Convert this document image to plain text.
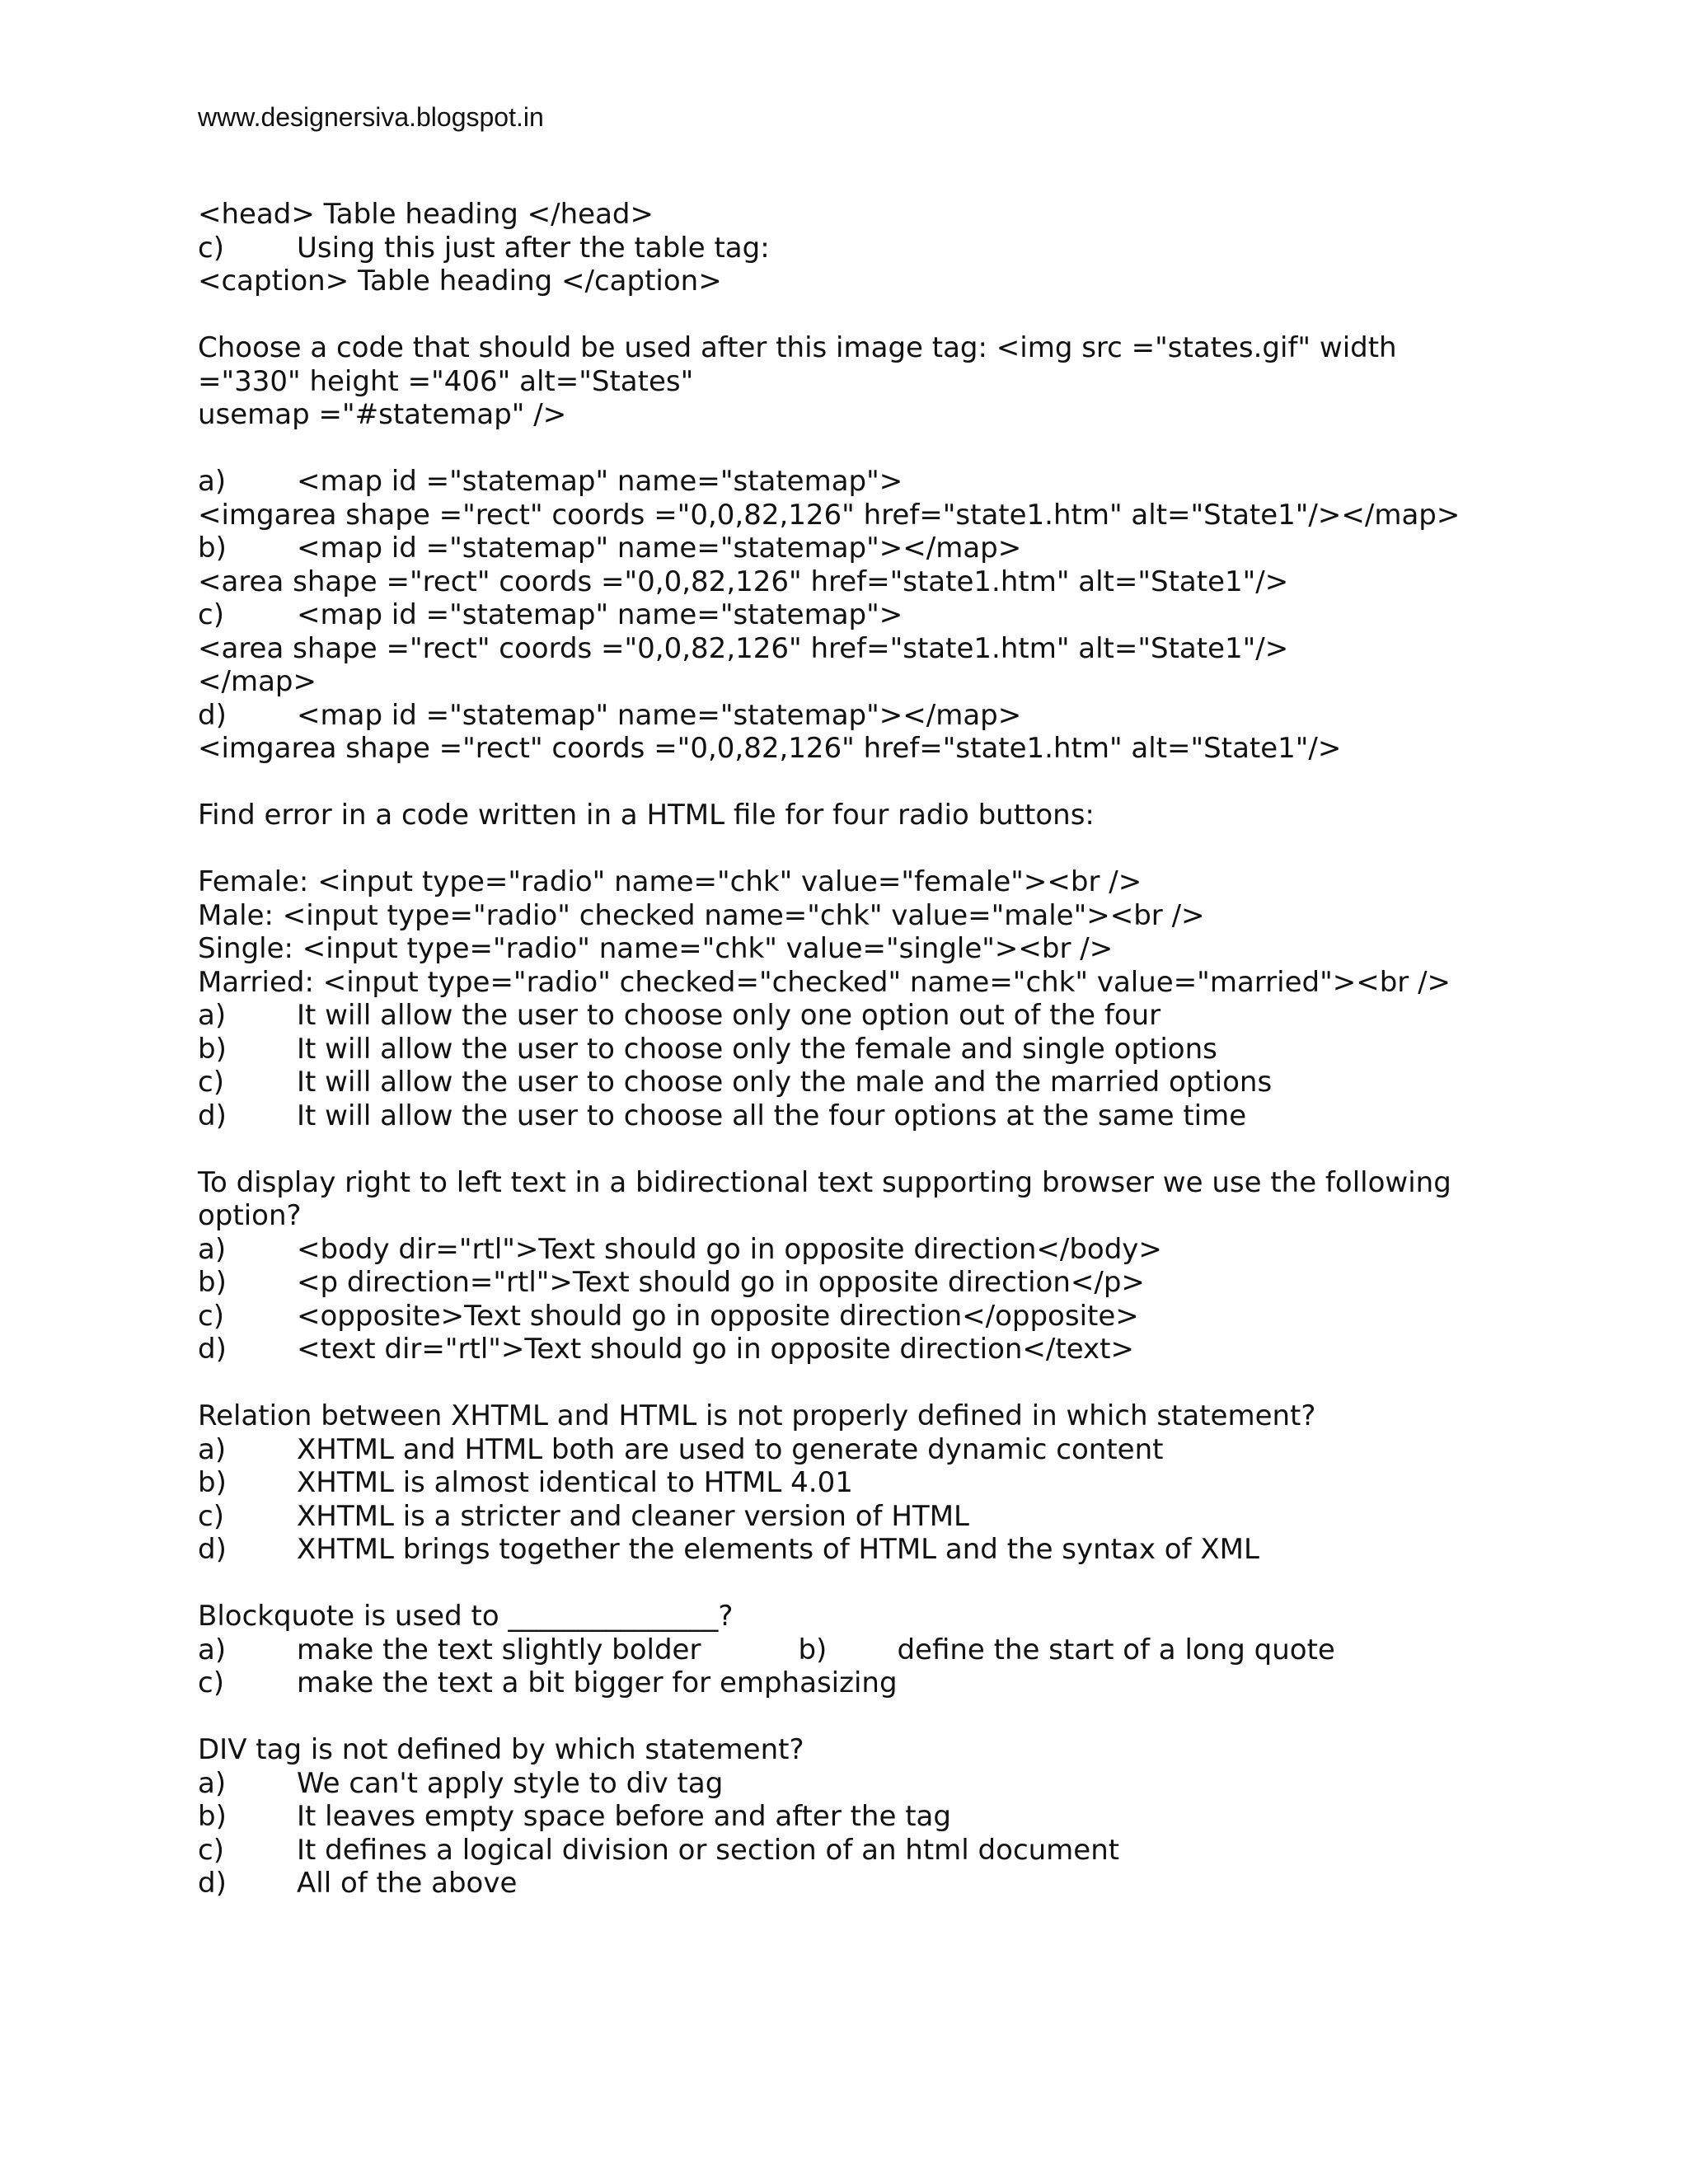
www.designersiva.blogspot.in
<head> Table heading </head>
c)	Using this just after the table tag:
<caption> Table heading </caption>
Choose a code that should be used after this image tag: <img src ="states.gif" width
="330" height ="406" alt="States"
usemap ="#statemap" />
a)	<map id ="statemap" name="statemap">
<imgarea shape ="rect" coords ="0,0,82,126" href="state1.htm" alt="State1"/></map>
b)	<map id ="statemap" name="statemap"></map>
<area shape ="rect" coords ="0,0,82,126" href="state1.htm" alt="State1"/>
c)	<map id ="statemap" name="statemap">
<area shape ="rect" coords ="0,0,82,126" href="state1.htm" alt="State1"/>
</map>
d)	<map id ="statemap" name="statemap"></map>
<imgarea shape ="rect" coords ="0,0,82,126" href="state1.htm" alt="State1"/>
Find error in a code written in a HTML file for four radio buttons:
Female: <input type="radio" name="chk" value="female"><br />
Male: <input type="radio" checked name="chk" value="male"><br />
Single: <input type="radio" name="chk" value="single"><br />
Married: <input type="radio" checked="checked" name="chk" value="married"><br />
a)	It will allow the user to choose only one option out of the four
b)	It will allow the user to choose only the female and single options
c)	It will allow the user to choose only the male and the married options
d)	It will allow the user to choose all the four options at the same time
To display right to left text in a bidirectional text supporting browser we use the following
option?
a)	<body dir="rtl">Text should go in opposite direction</body>
b)	<p direction="rtl">Text should go in opposite direction</p>
c)	<opposite>Text should go in opposite direction</opposite>
d)	<text dir="rtl">Text should go in opposite direction</text>
Relation between XHTML and HTML is not properly defined in which statement?
a)	XHTML and HTML both are used to generate dynamic content
b)	XHTML is almost identical to HTML 4.01
c)	XHTML is a stricter and cleaner version of HTML
d)	XHTML brings together the elements of HTML and the syntax of XML
Blockquote is used to _______________?
a)	make the text slightly bolder	b)	define the start of a long quote
c)	make the text a bit bigger for emphasizing
DIV tag is not defined by which statement?
a)	We can't apply style to div tag
b)	It leaves empty space before and after the tag
c)	It defines a logical division or section of an html document
d)	All of the above
